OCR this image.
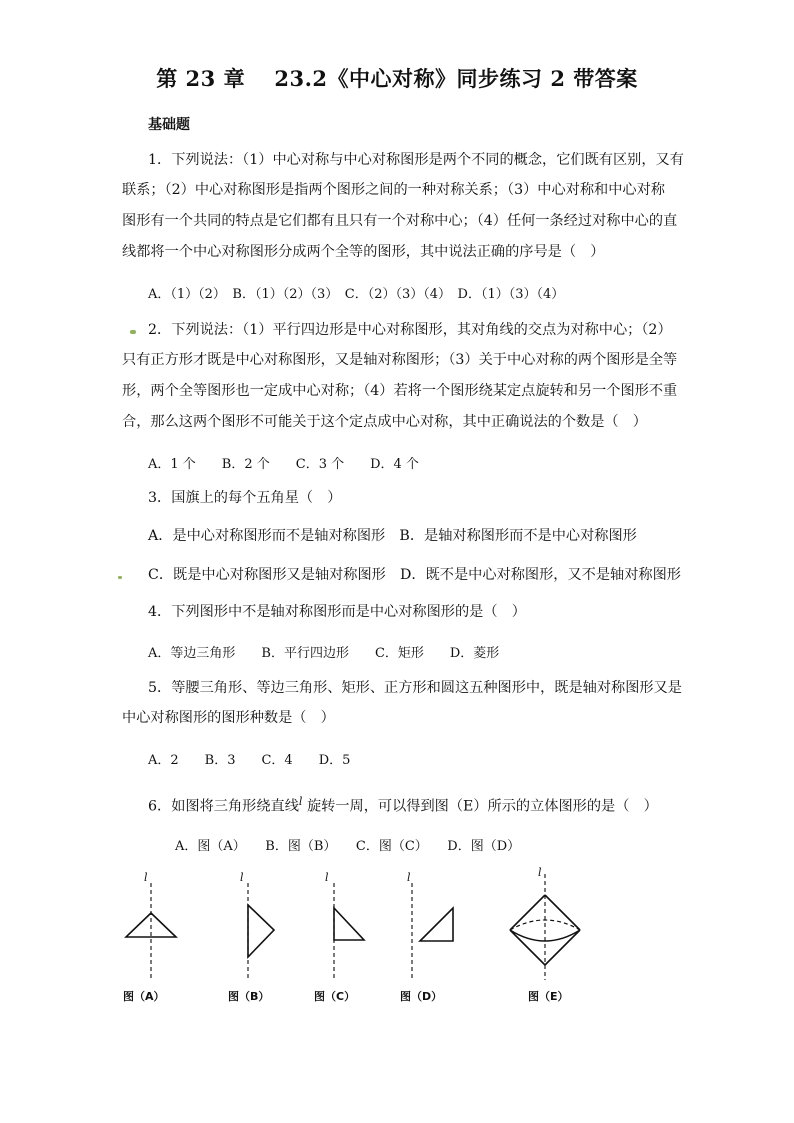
第 23 章　 23.2《中心对称》同步练习 2 带答案
基础题
1．下列说法：（1）中心对称与中心对称图形是两个不同的概念，它们既有区别，又有
联系；（2）中心对称图形是指两个图形之间的一种对称关系；（3）中心对称和中心对称
图形有一个共同的特点是它们都有且只有一个对称中心；（4）任何一条经过对称中心的直
线都将一个中心对称图形分成两个全等的图形，其中说法正确的序号是（　）
A．（1）（2）　B．（1）（2）（3）　C．（2）（3）（4）　D．（1）（3）（4）
2．下列说法：（1）平行四边形是中心对称图形，其对角线的交点为对称中心；（2）
只有正方形才既是中心对称图形，又是轴对称图形；（3）关于中心对称的两个图形是全等
形，两个全等图形也一定成中心对称；（4）若将一个图形绕某定点旋转和另一个图形不重
合，那么这两个图形不可能关于这个定点成中心对称，其中正确说法的个数是（　）
A．1 个　　B．2 个　　C．3 个　　D．4 个
3．国旗上的每个五角星（　）
A．是中心对称图形而不是轴对称图形　B．是轴对称图形而不是中心对称图形
C．既是中心对称图形又是轴对称图形　D．既不是中心对称图形，又不是轴对称图形
4．下列图形中不是轴对称图形而是中心对称图形的是（　）
A．等边三角形　　B．平行四边形　　C．矩形　　D．菱形
5．等腰三角形、等边三角形、矩形、正方形和圆这五种图形中，既是轴对称图形又是
中心对称图形的图形种数是（　）
A．2　　B．3　　C．4　　D．5
6．如图将三角形绕直线$^l$ 旋转一周，可以得到图（E）所示的立体图形的是（　）
A．图（A）　　B．图（B）　　C．图（C）　　D．图（D）
l
图（A）
l
图（B）
l
图（C）
l
图（D）
l
图（E）
